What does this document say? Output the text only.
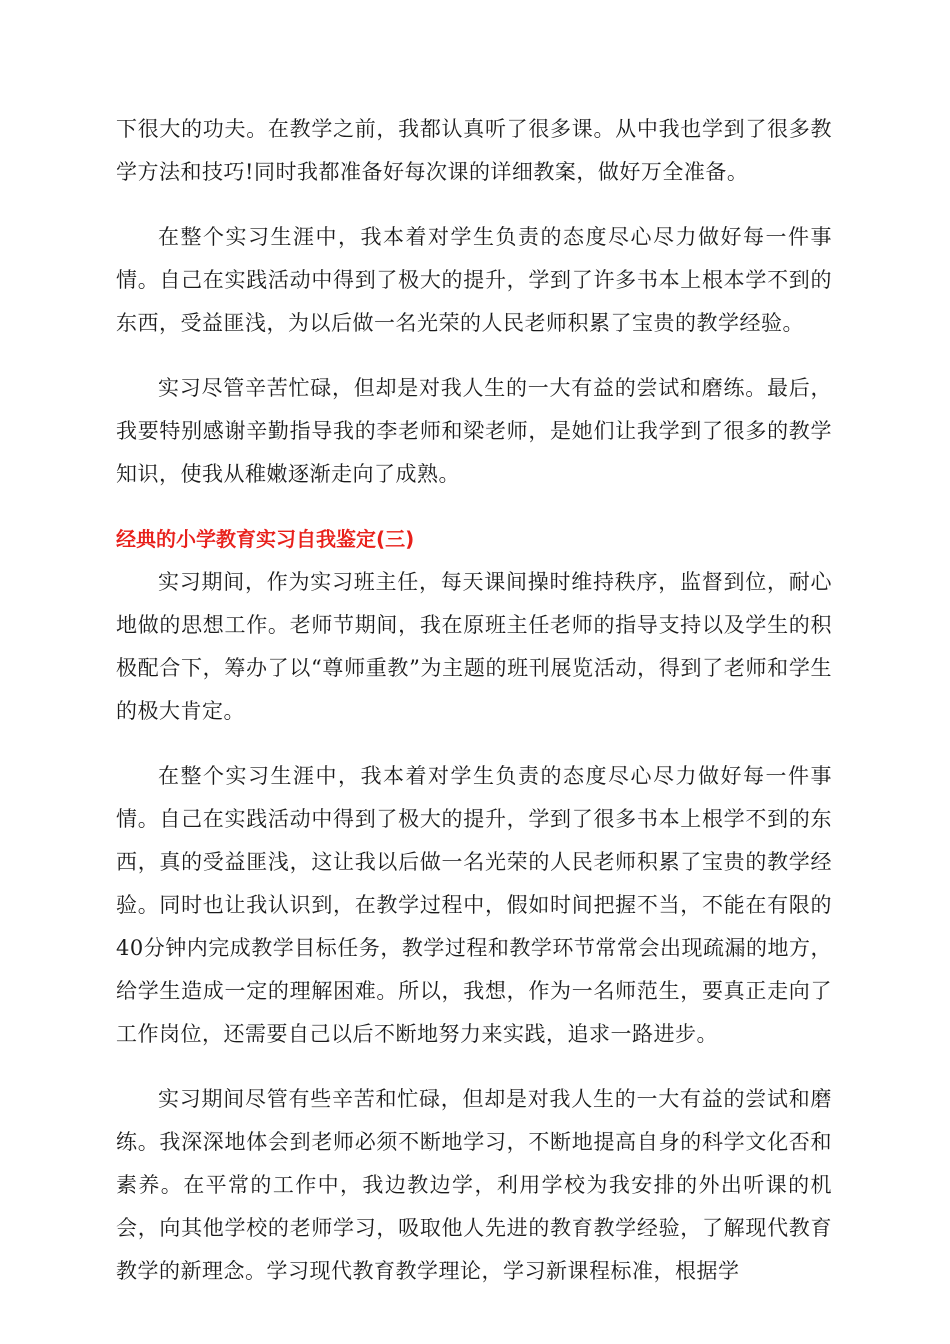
下很大的功夫。在教学之前，我都认真听了很多课。从中我也学到了很多教学方法和技巧!同时我都准备好每次课的详细教案，做好万全准备。

在整个实习生涯中，我本着对学生负责的态度尽心尽力做好每一件事情。自己在实践活动中得到了极大的提升，学到了许多书本上根本学不到的东西，受益匪浅，为以后做一名光荣的人民老师积累了宝贵的教学经验。

实习尽管辛苦忙碌，但却是对我人生的一大有益的尝试和磨练。最后，我要特别感谢辛勤指导我的李老师和梁老师，是她们让我学到了很多的教学知识，使我从稚嫩逐渐走向了成熟。

经典的小学教育实习自我鉴定(三)

实习期间，作为实习班主任，每天课间操时维持秩序，监督到位，耐心地做的思想工作。老师节期间，我在原班主任老师的指导支持以及学生的积极配合下，筹办了以“尊师重教”为主题的班刊展览活动，得到了老师和学生的极大肯定。

在整个实习生涯中，我本着对学生负责的态度尽心尽力做好每一件事情。自己在实践活动中得到了极大的提升，学到了很多书本上根学不到的东西，真的受益匪浅，这让我以后做一名光荣的人民老师积累了宝贵的教学经验。同时也让我认识到，在教学过程中，假如时间把握不当，不能在有限的40分钟内完成教学目标任务，教学过程和教学环节常常会出现疏漏的地方，给学生造成一定的理解困难。所以，我想，作为一名师范生，要真正走向了工作岗位，还需要自己以后不断地努力来实践，追求一路进步。

实习期间尽管有些辛苦和忙碌，但却是对我人生的一大有益的尝试和磨练。我深深地体会到老师必须不断地学习，不断地提高自身的科学文化否和素养。在平常的工作中，我边教边学，利用学校为我安排的外出听课的机会，向其他学校的老师学习，吸取他人先进的教育教学经验，了解现代教育教学的新理念。学习现代教育教学理论，学习新课程标准，根据学
